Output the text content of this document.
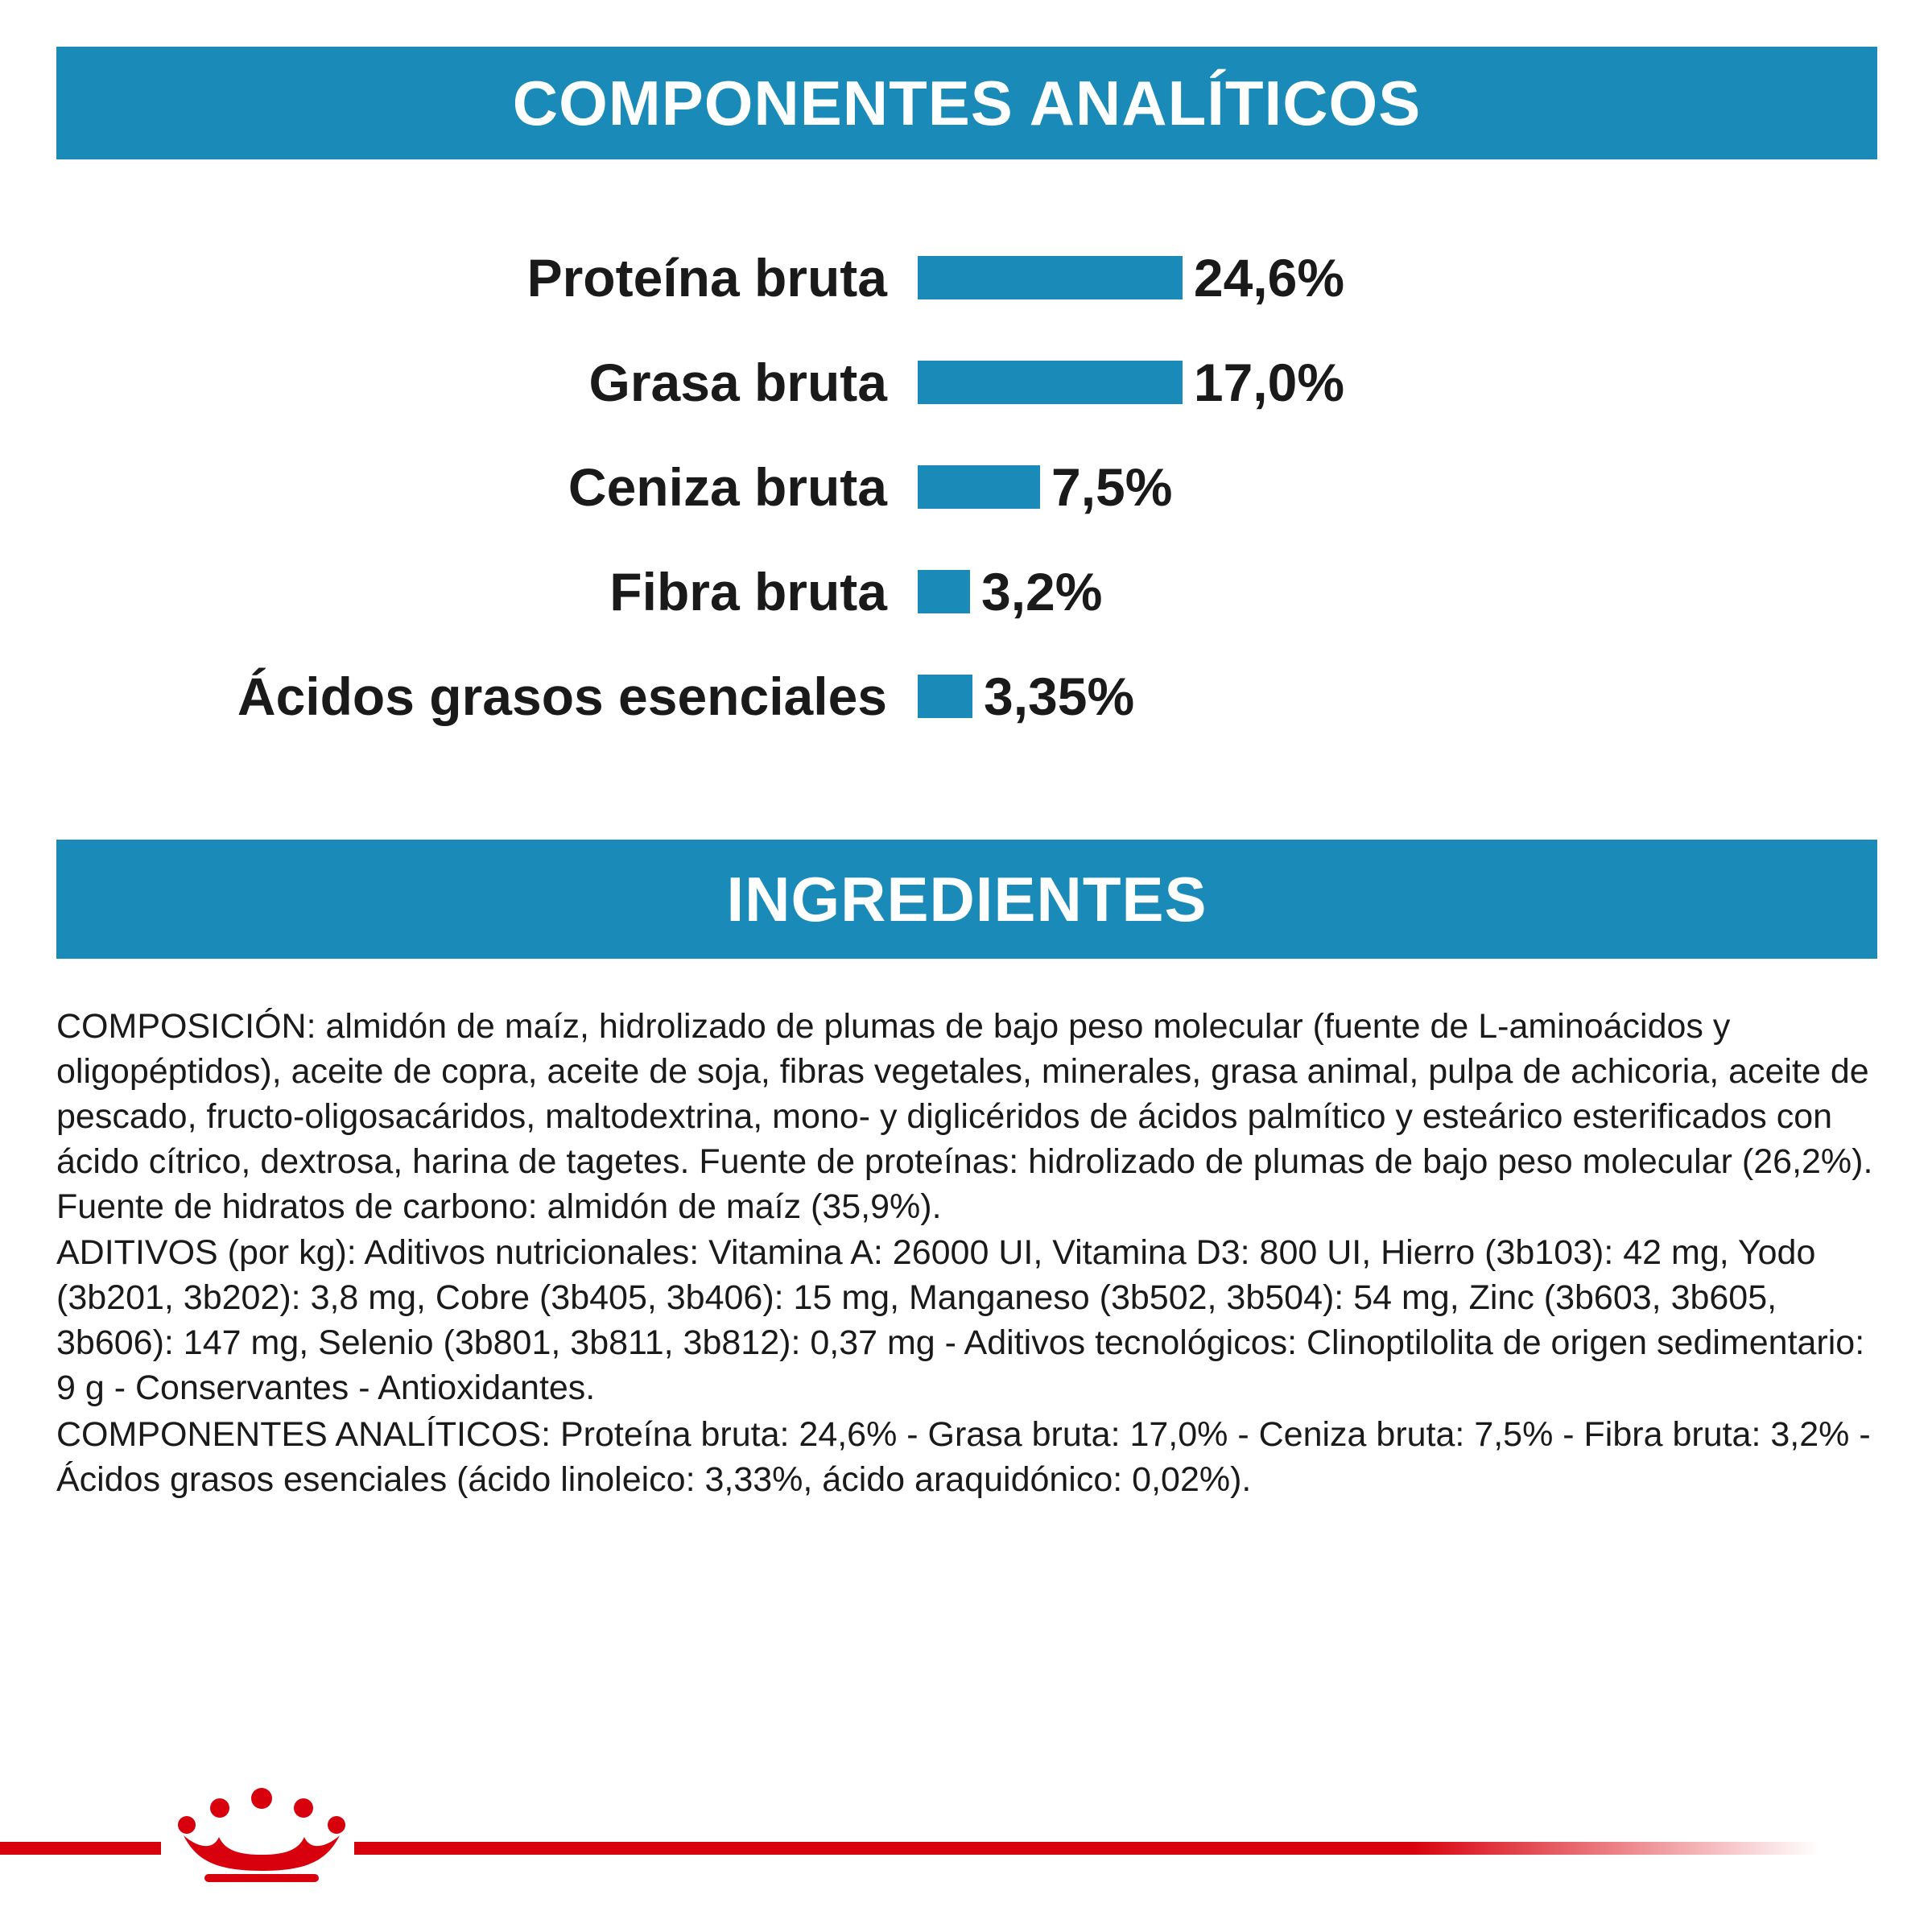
COMPONENTES ANALÍTICOS
Proteína bruta	24,6%
Grasa bruta	17,0%
Ceniza bruta	7,5%
Fibra bruta	3,2%
Ácidos grasos esenciales	3,35%
INGREDIENTES

COMPOSICIÓN: almidón de maíz, hidrolizado de plumas de bajo peso molecular (fuente de L-aminoácidos y oligopéptidos), aceite de copra, aceite de soja, fibras vegetales, minerales, grasa animal, pulpa de achicoria, aceite de pescado, fructo-oligosacáridos, maltodextrina, mono- y diglicéridos de ácidos palmítico y esteárico esterificados con ácido cítrico, dextrosa, harina de tagetes. Fuente de proteínas: hidrolizado de plumas de bajo peso molecular (26,2%). Fuente de hidratos de carbono: almidón de maíz (35,9%).

ADITIVOS (por kg): Aditivos nutricionales: Vitamina A: 26000 UI, Vitamina D3: 800 UI, Hierro (3b103): 42 mg, Yodo (3b201, 3b202): 3,8 mg, Cobre (3b405, 3b406): 15 mg, Manganeso (3b502, 3b504): 54 mg, Zinc (3b603, 3b605, 3b606): 147 mg, Selenio (3b801, 3b811, 3b812): 0,37 mg - Aditivos tecnológicos: Clinoptilolita de origen sedimentario: 9 g - Conservantes - Antioxidantes.

COMPONENTES ANALÍTICOS: Proteína bruta: 24,6% - Grasa bruta: 17,0% - Ceniza bruta: 7,5% - Fibra bruta: 3,2% - Ácidos grasos esenciales (ácido linoleico: 3,33%, ácido araquidónico: 0,02%).
